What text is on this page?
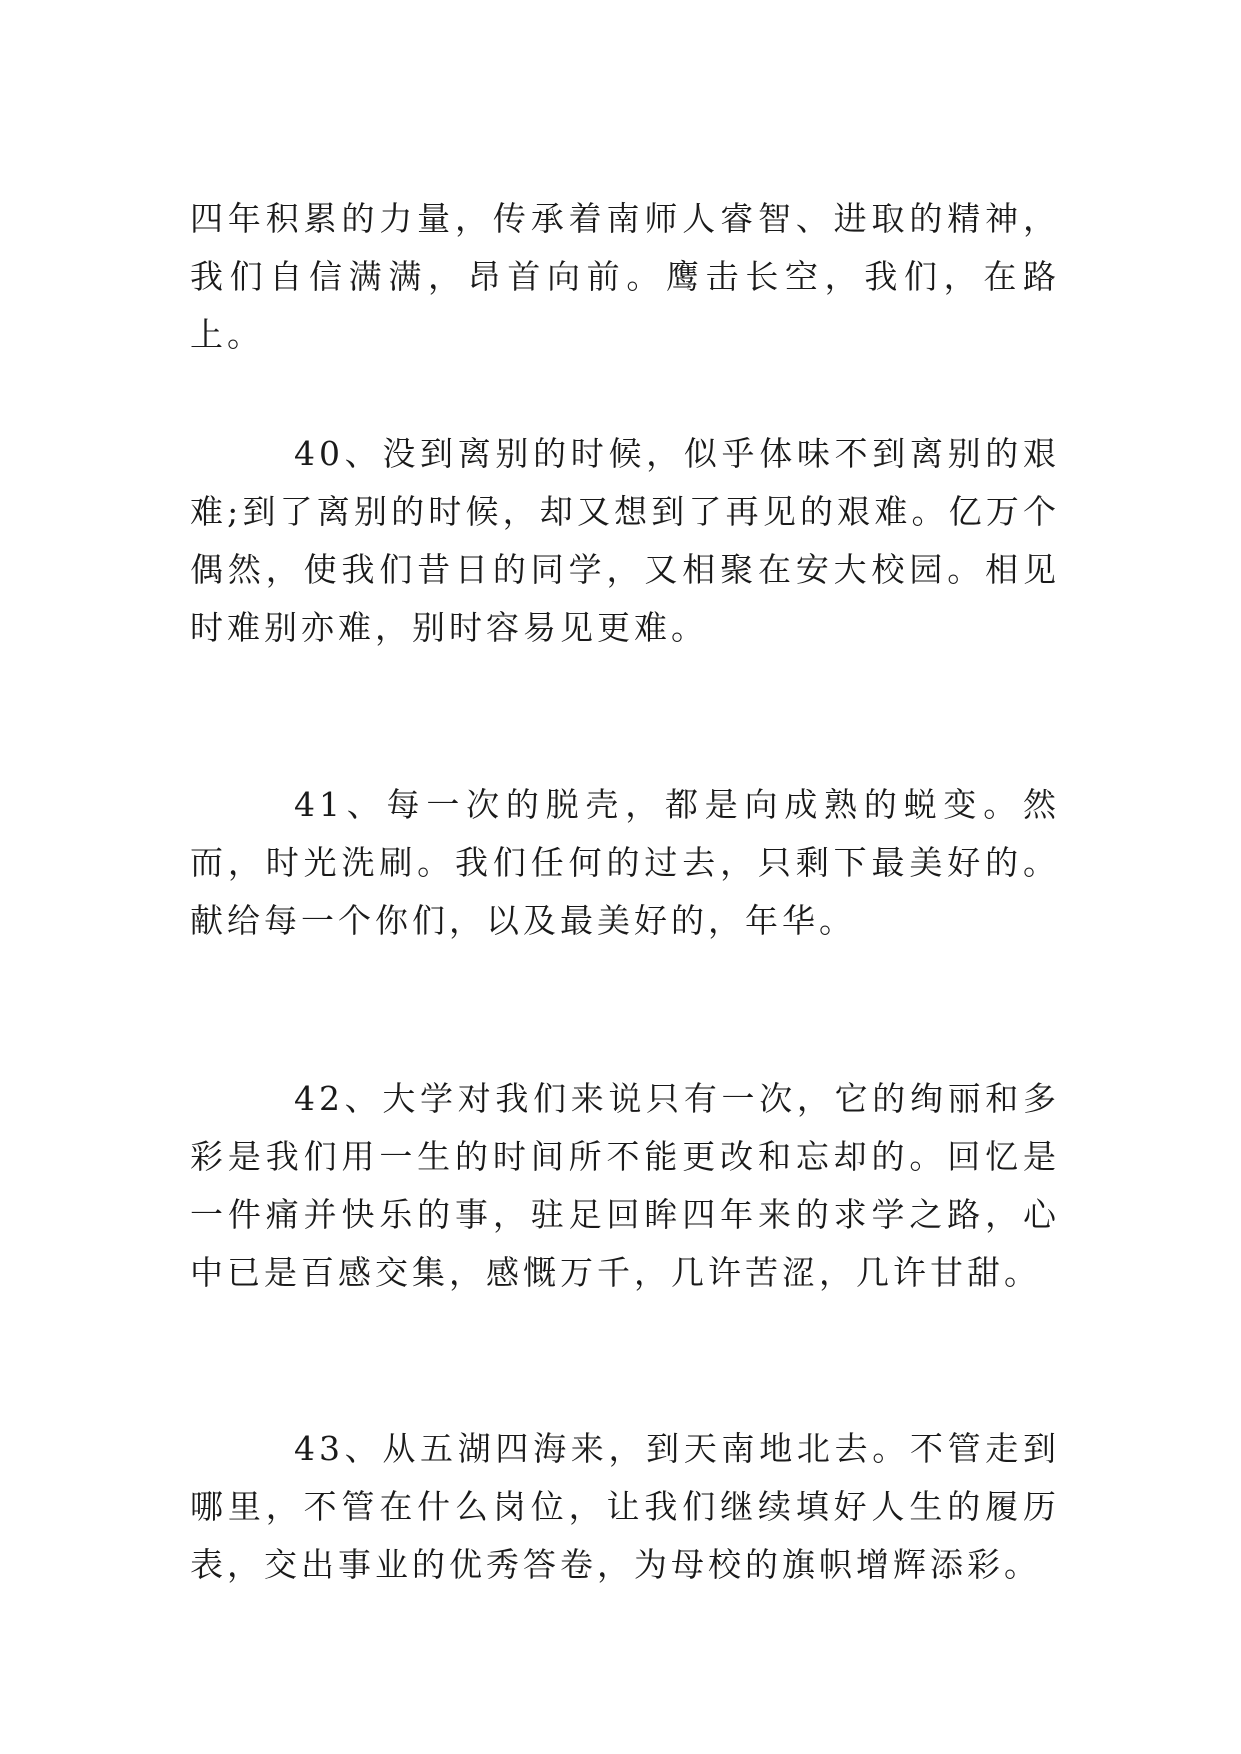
四年积累的力量，传承着南师人睿智、进取的精神，我们自信满满，昂首向前。鹰击长空，我们，在路上。

40、没到离别的时候，似乎体味不到离别的艰难;到了离别的时候，却又想到了再见的艰难。亿万个偶然，使我们昔日的同学，又相聚在安大校园。相见时难别亦难，别时容易见更难。

41、每一次的脱壳，都是向成熟的蜕变。然而，时光洗刷。我们任何的过去，只剩下最美好的。献给每一个你们，以及最美好的，年华。

42、大学对我们来说只有一次，它的绚丽和多彩是我们用一生的时间所不能更改和忘却的。回忆是一件痛并快乐的事，驻足回眸四年来的求学之路，心中已是百感交集，感慨万千，几许苦涩，几许甘甜。

43、从五湖四海来，到天南地北去。不管走到哪里，不管在什么岗位，让我们继续填好人生的履历表，交出事业的优秀答卷，为母校的旗帜增辉添彩。
